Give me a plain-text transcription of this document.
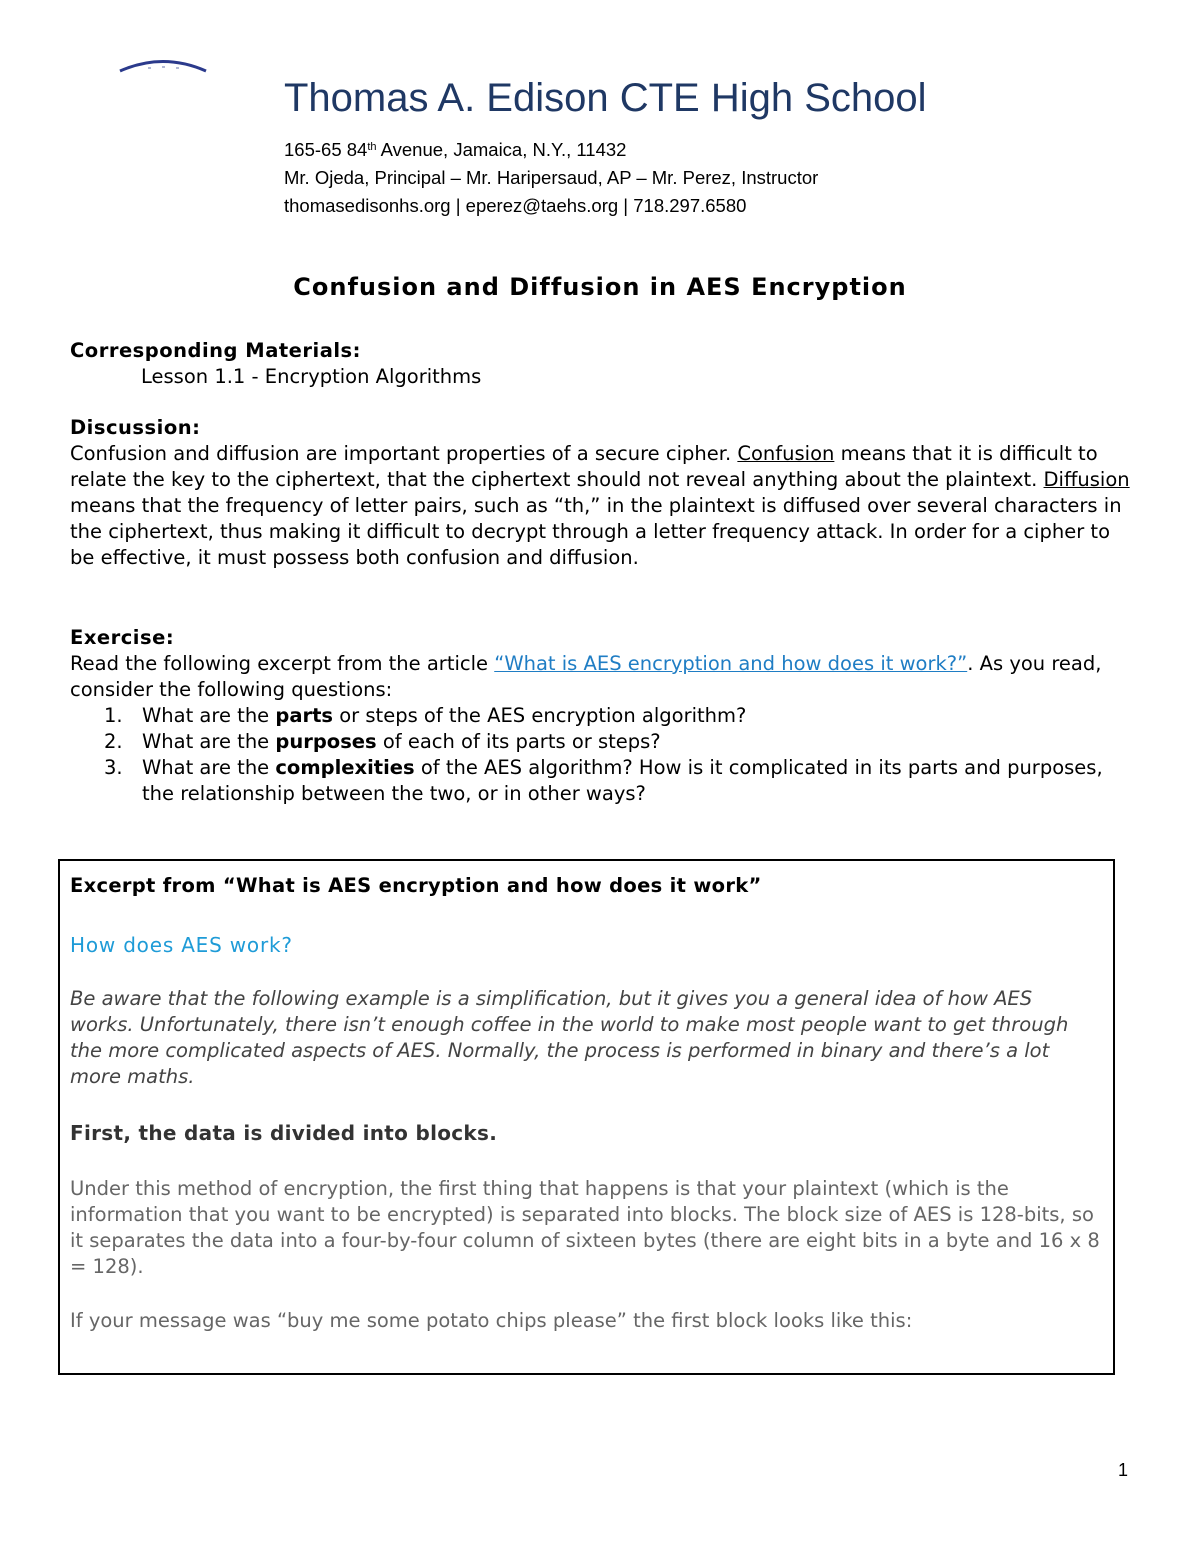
Thomas A. Edison CTE High School
165-65 84th Avenue, Jamaica, N.Y., 11432
Mr. Ojeda, Principal – Mr. Haripersaud, AP – Mr. Perez, Instructor
thomasedisonhs.org | eperez@taehs.org | 718.297.6580
Confusion and Diffusion in AES Encryption
Corresponding Materials:
Lesson 1.1 - Encryption Algorithms
Discussion:
Confusion and diffusion are important properties of a secure cipher. Confusion means that it is difficult to relate the key to the ciphertext, that the ciphertext should not reveal anything about the plaintext. Diffusion means that the frequency of letter pairs, such as “th,” in the plaintext is diffused over several characters in the ciphertext, thus making it difficult to decrypt through a letter frequency attack. In order for a cipher to be effective, it must possess both confusion and diffusion.
Exercise:
Read the following excerpt from the article “What is AES encryption and how does it work?”. As you read, consider the following questions:
1. What are the parts or steps of the AES encryption algorithm?
2. What are the purposes of each of its parts or steps?
3. What are the complexities of the AES algorithm? How is it complicated in its parts and purposes, the relationship between the two, or in other ways?
Excerpt from “What is AES encryption and how does it work”
How does AES work?
Be aware that the following example is a simplification, but it gives you a general idea of how AES works. Unfortunately, there isn’t enough coffee in the world to make most people want to get through the more complicated aspects of AES. Normally, the process is performed in binary and there’s a lot more maths.
First, the data is divided into blocks.
Under this method of encryption, the first thing that happens is that your plaintext (which is the information that you want to be encrypted) is separated into blocks. The block size of AES is 128-bits, so it separates the data into a four-by-four column of sixteen bytes (there are eight bits in a byte and 16 x 8 = 128).
If your message was “buy me some potato chips please” the first block looks like this:
1
